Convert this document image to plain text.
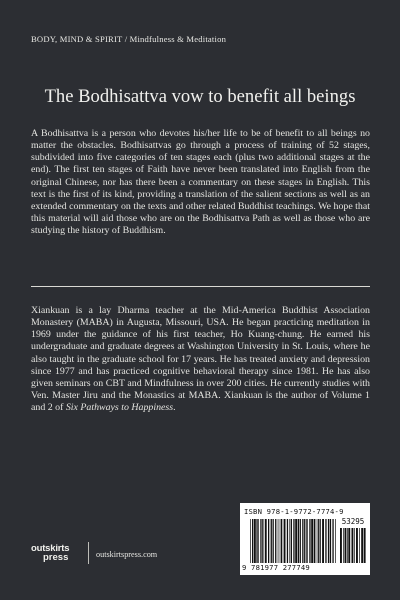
BODY, MIND & SPIRIT / Mindfulness & Meditation
The Bodhisattva vow to benefit all beings
A Bodhisattva is a person who devotes his/her life to be of benefit to all beings no matter the obstacles. Bodhisattvas go through a process of training of 52 stages, subdivided into five categories of ten stages each (plus two additional stages at the end). The first ten stages of Faith have never been translated into English from the original Chinese, nor has there been a commentary on these stages in English. This text is the first of its kind, providing a translation of the salient sections as well as an extended commentary on the texts and other related Buddhist teachings. We hope that this material will aid those who are on the Bodhisattva Path as well as those who are studying the history of Buddhism.
Xiankuan is a lay Dharma teacher at the Mid-America Buddhist Association Monastery (MABA) in Augusta, Missouri, USA. He began practicing meditation in 1969 under the guidance of his first teacher, Ho Kuang-chung. He earned his undergraduate and graduate degrees at Washington University in St. Louis, where he also taught in the graduate school for 17 years. He has treated anxiety and depression since 1977 and has practiced cognitive behavioral therapy since 1981. He has also given seminars on CBT and Mindfulness in over 200 cities. He currently studies with Ven. Master Jiru and the Monastics at MABA. Xiankuan is the author of Volume 1 and 2 of Six Pathways to Happiness.
ISBN 978-1-9772-7774-9
53295
9 781977 277749
outskirts
press	outskirtspress.com
